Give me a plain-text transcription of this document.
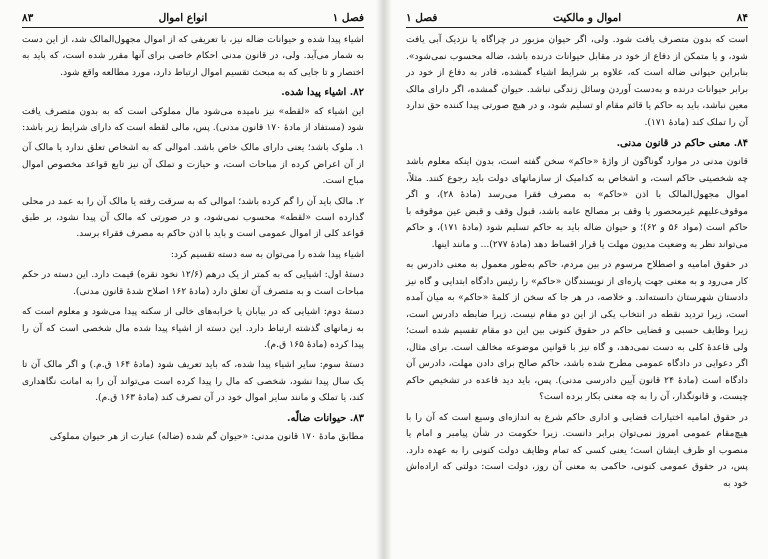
فصل ۱
انواع اموال
۸۳

اشیاء پیدا شده و حیوانات ضاله نیز، با تعریفی که از اموال مجهول‌المالک شد، از این دست به شمار می‌آید. ولی، در قانون مدنی احکام خاصی برای آنها مقرر شده است، که باید به اختصار و تا جایی که به مبحث تقسیم اموال ارتباط دارد، مورد مطالعه واقع شود.

۸۲. اشیاء پیدا شده.

این اشیاء که «لقطه» نیز نامیده می‌شود مال مملوکی است که به بدون متصرف یافت شود (مستفاد از مادهٔ ۱۷۰ قانون مدنی). پس، مالی لقطه است که دارای شرایط زیر باشد:

۱. ملوک باشد؛ یعنی دارای مالک خاص باشد. اموالی که به اشخاص تعلق ندارد یا مالک آن از آن اعراض کرده از مباحات است، و حیازت و تملک آن نیز تابع قواعد مخصوص اموال مباح است.

۲. مالک باید آن را گم کرده باشد؛ اموالی که به سرقت رفته یا مالک آن را به عمد در محلی گذارده است «لقطه» محسوب نمی‌شود، و در صورتی که مالک آن پیدا نشود، بر طبق قواعد کلی از اموال عمومی است و باید با اذن حاکم به مصرف فقراء برسد.

اشیاء پیدا شده را می‌توان به سه دسته تقسیم کرد:

دستهٔ اول: اشیایی که به کمتر از یک درهم (۱۲/۶ نخود نقره) قیمت دارد. این دسته در حکم مباحات است و به متصرف آن تعلق دارد (مادهٔ ۱۶۲ اصلاح شدهٔ قانون مدنی).

دستهٔ دوم: اشیایی که در بیابان یا خرابه‌های خالی از سکنه پیدا می‌شود و معلوم است که به زمانهای گذشته ارتباط دارد. این دسته از اشیاء پیدا شده مال شخصی است که آن را پیدا کرده (مادهٔ ۱۶۵ ق.م).

دستهٔ سوم: سایر اشیاء پیدا شده، که باید تعریف شود (مادهٔ ۱۶۴ ق.م.) و اگر مالک آن تا یک سال پیدا نشود، شخصی که مال را پیدا کرده است می‌تواند آن را به امانت نگاهداری کند، یا تملک و مانند سایر اموال خود در آن تصرف کند (مادهٔ ۱۶۳ ق.م).

۸۳. حیوانات ضالّه.

مطابق مادهٔ ۱۷۰ قانون مدنی: «حیوان گم شده (ضاله) عبارت از هر حیوان مملوکی

۸۴
اموال و مالکیت
فصل ۱

است که بدون متصرف یافت شود. ولی، اگر حیوان مزبور در چراگاه یا نزدیک آبی یافت شود، و یا متمکن از دفاع از خود در مقابل حیوانات درنده باشد، ضاله محسوب نمی‌شود». بنابراین حیوانی ضاله است که، علاوه بر شرایط اشیاء گمشده، قادر به دفاع از خود در برابر حیوانات درنده و به‌دست آوردن وسائل زندگی نباشد. حیوان گمشده، اگر دارای مالک معین نباشد، باید به حاکم یا قائم مقام او تسلیم شود، و در هیچ صورتی پیدا کننده حق ندارد آن را تملک کند (مادهٔ ۱۷۱).

۸۴. معنی حاکم در قانون مدنی.

قانون مدنی در موارد گوناگون از واژهٔ «حاکم» سخن گفته است، بدون اینکه معلوم باشد چه شخصیتی حاکم است، و اشخاص به کدامیک از سازمانهای دولت باید رجوع کنند. مثلاً، اموال مجهول‌المالک با اذن «حاکم» به مصرف فقرا می‌رسد (مادهٔ ۲۸)، و اگر موقوف‌علیهم غیرمحصور یا وقف بر مصالح عامه باشد، قبول وقف و قبض عین موقوفه با حاکم است (مواد ۵۶ و ۶۲)؛ و حیوان ضاله باید به حاکم تسلیم شود (مادهٔ ۱۷۱)، و حاکم می‌تواند نظر به وضعیت مدیون مهلت یا قرار اقساط دهد (مادهٔ ۲۷۷)... و مانند اینها.

در حقوق امامیه و اصطلاح مرسوم در بین مردم، حاکم به‌طور معمول به معنی دادرس به کار می‌رود و به معنی جهت پاره‌ای از نویسندگان «حاکم» را رئیس دادگاه ابتدایی و گاه نیز دادستان شهرستان دانسته‌اند. و خلاصه، در هر جا که سخن از کلمهٔ «حاکم» به میان آمده است، زیرا تردید نقطه در انتخاب یکی از این دو مقام نیست. زیرا ضابطه دادرس است، زیرا وظایف حسبی و قضایی حاکم در حقوق کنونی بین این دو مقام تقسیم شده است؛ ولی قاعدهٔ کلی به دست نمی‌دهد، و گاه نیز با قوانین موضوعه مخالف است. برای مثال، اگر دعوایی در دادگاه عمومی مطرح شده باشد، حاکم صالح برای دادن مهلت، دادرس آن دادگاه است (مادهٔ ۲۴ قانون آیین دادرسی مدنی). پس، باید دید قاعده در تشخیص حاکم چیست، و قانونگذار، آن را به چه معنی بکار برده است؟

در حقوق امامیه اختیارات قضایی و اداری حاکم شرع به اندازه‌ای وسیع است که آن را با هیچ‌مقام عمومی امروز نمی‌توان برابر دانست. زیرا حکومت در شأن پیامبر و امام یا منصوب او ظرف ایشان است؛ یعنی کسی که تمام وظایف دولت کنونی را به عهده دارد. پس، در حقوق عمومی کنونی، حاکمی به معنی آن روز، دولت است: دولتی که اراده‌اش خود به
